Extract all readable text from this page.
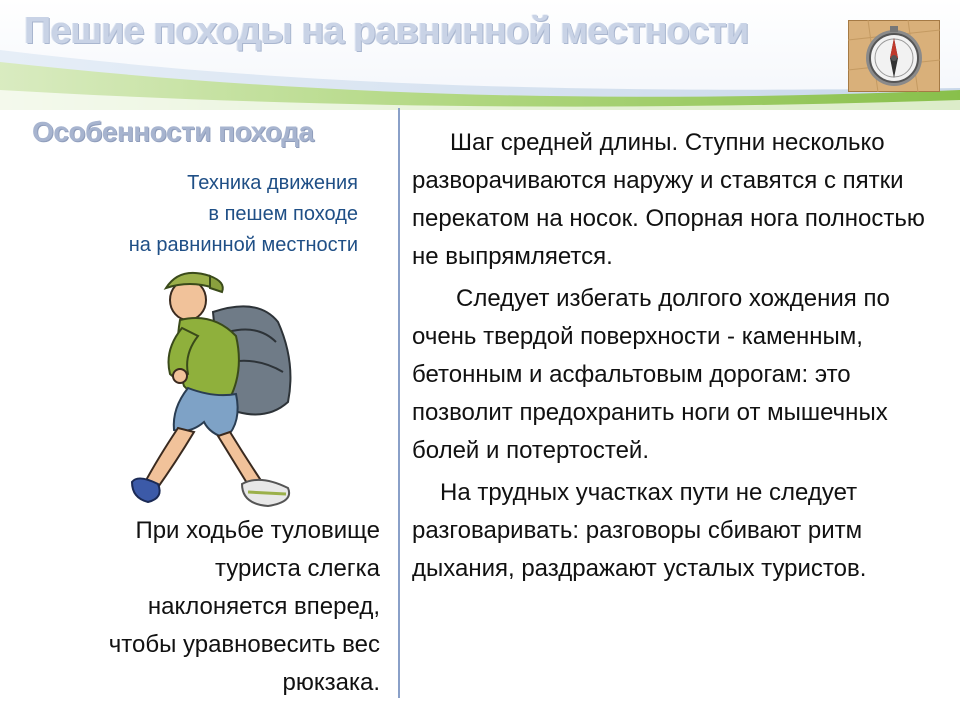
Пешие походы на равнинной местности
Особенности похода
Техника движения
в пешем походе
на равнинной местности
При ходьбе туловище
туриста слегка
наклоняется вперед,
чтобы уравновесить вес
рюкзака.

Шаг средней длины. Ступни несколько разворачиваются наружу и ставятся с пятки перекатом на носок. Опорная нога полностью не выпрямляется.

Следует избегать долгого хождения по очень твердой поверхности - каменным, бетонным и асфальтовым дорогам: это позволит предохранить ноги от мышечных болей и потертостей.

На трудных участках пути не следует разговаривать: разговоры сбивают ритм дыхания, раздражают усталых туристов.
